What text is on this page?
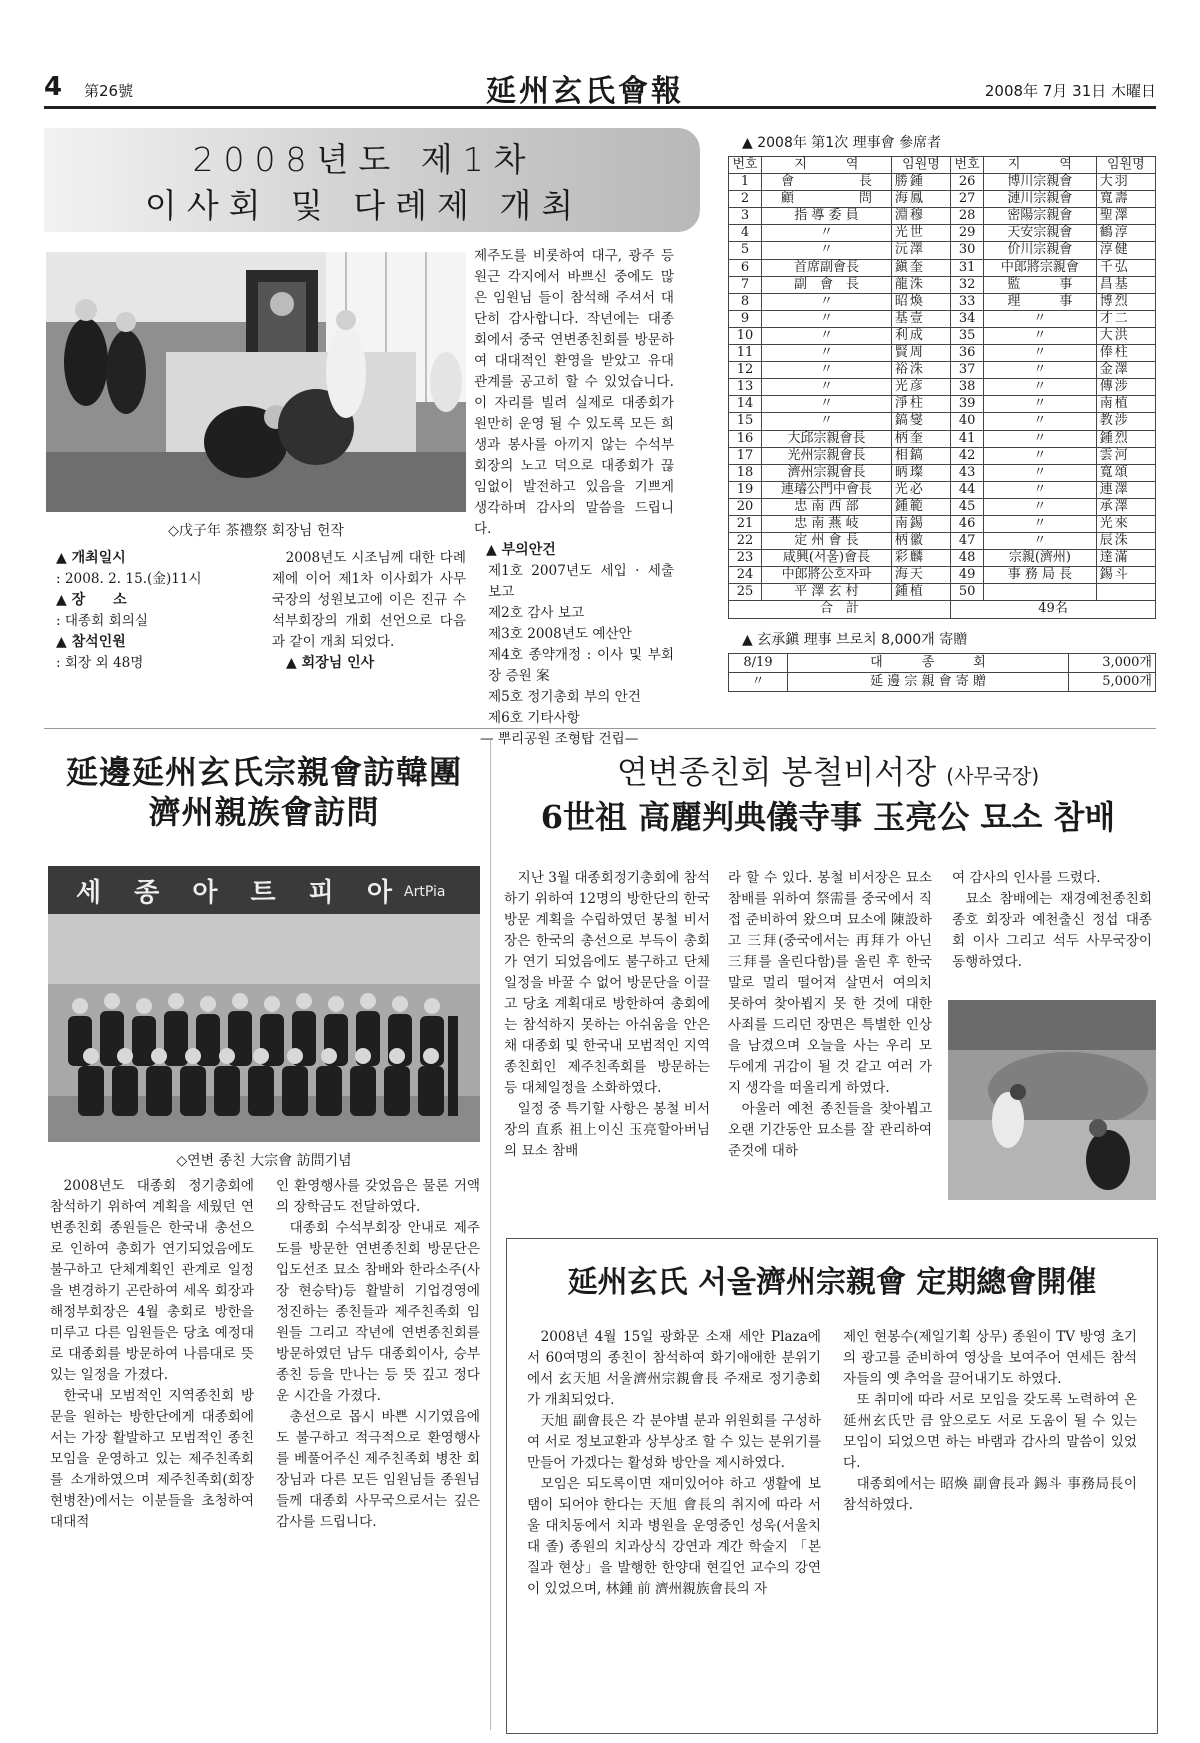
4 第26號	延州玄氏會報	2008年 7月 31日 木曜日
2008년도 제1차
이사회 및 다례제 개최
◇戊子年 茶禮祭 회장님 헌작
▲ 개최일시
: 2008. 2. 15.(金)11시
▲ 장　　소
: 대종회 회의실
▲ 참석인원
: 회장 외 48명

2008년도 시조님께 대한 다례제에 이어 제1차 이사회가 사무국장의 성원보고에 이은 진규 수석부회장의 개회 선언으로 다음과 같이 개최 되었다.

▲ 회장님 인사

제주도를 비롯하여 대구, 광주 등 원근 각지에서 바쁘신 중에도 많은 임원님 들이 참석해 주셔서 대단히 감사합니다. 작년에는 대종회에서 중국 연변종친회를 방문하여 대대적인 환영을 받았고 유대관계를 공고히 할 수 있었습니다. 이 자리를 빌려 실제로 대종회가 원만히 운영 될 수 있도록 모든 희생과 봉사를 아끼지 않는 수석부회장의 노고 덕으로 대종회가 끊임없이 발전하고 있음을 기쁘게 생각하며 감사의 말씀을 드립니다.

▲ 부의안건
제1호 2007년도 세입 · 세출 보고
제2호 감사 보고
제3호 2008년도 예산안
제4호 종약개정 : 이사 및 부회장 증원 案
제5호 정기총회 부의 안건
제6호 기타사항
— 뿌리공원 조형탑 건립—
▲ 2008年 第1次 理事會 參席者
번호	지　　　역	임원명	번호	지　　　역	임원명
1	會　　　　　長	勝鍾	26	博川宗親會	大羽
2	顧　　　　　問	海鳳	27	漣川宗親會	寬壽
3	指 導 委 員	淵穆	28	密陽宗親會	聖澤
4	〃	光世	29	天安宗親會	鶴淳
5	〃	沅澤	30	价川宗親會	淳健
6	首席副會長	鎭奎	31	中郎將宗親會	千弘
7	副　會　長	龍洙	32	監　　　事	昌基
8	〃	昭煥	33	理　　　事	博烈
9	〃	基壹	34	〃	才二
10	〃	利成	35	〃	大洪
11	〃	賢周	36	〃	俸柱
12	〃	裕洙	37	〃	金澤
13	〃	光彦	38	〃	傳涉
14	〃	淨柱	39	〃	南植
15	〃	鎬燮	40	〃	教涉
16	大邱宗親會長	柄奎	41	〃	鍾烈
17	光州宗親會長	相鎬	42	〃	雲河
18	濟州宗親會長	昞璨	43	〃	寬頌
19	連璿公門中會長	光必	44	〃	連澤
20	忠 南 西 部	鍾範	45	〃	承澤
21	忠 南 燕 岐	南錫	46	〃	光來
22	定 州 會 長	柄徽	47	〃	辰洙
23	咸興(서울)會長	彩麟	48	宗親(濟州)	達滿
24	中郎將公호자파	海天	49	事 務 局 長	錫斗
25	平 澤 玄 村	鍾植	50		
合　計			49名		
▲ 玄承鎭 理事 브로치 8,000개 寄贈
8/19	대　　　종　　　회	3,000개
〃	延 邊 宗 親 會 寄 贈	5,000개
延邊延州玄氏宗親會訪韓團
濟州親族會訪問
세 종 아 트 피 아 ArtPia
◇연변 종친 大宗會 訪問기념

2008년도 대종회 정기총회에 참석하기 위하여 계획을 세웠던 연변종친회 종원들은 한국내 총선으로 인하여 총회가 연기되었음에도 불구하고 단체계획인 관계로 일정을 변경하기 곤란하여 세옥 회장과 해정부회장은 4월 총회로 방한을 미루고 다른 임원들은 당초 예정대로 대종회를 방문하여 나름대로 뜻있는 일정을 가졌다.

한국내 모범적인 지역종친회 방문을 원하는 방한단에게 대종회에서는 가장 활발하고 모범적인 종친모임을 운영하고 있는 제주친족회를 소개하였으며 제주친족회(회장 현병찬)에서는 이분들을 초청하여 대대적

인 환영행사를 갖었음은 물론 거액의 장학금도 전달하였다.

대종회 수석부회장 안내로 제주도를 방문한 연변종친회 방문단은 입도선조 묘소 참배와 한라소주(사장 현승탁)등 활발히 기업경영에 정진하는 종친들과 제주친족회 임원들 그리고 작년에 연변종친회를 방문하였던 남두 대종회이사, 승부 종친 등을 만나는 등 뜻 깊고 정다운 시간을 가졌다.

총선으로 몹시 바쁜 시기였음에도 불구하고 적극적으로 환영행사를 베풀어주신 제주친족회 병찬 회장님과 다른 모든 임원님들 종원님들께 대종회 사무국으로서는 깊은 감사를 드립니다.

연변종친회 봉철비서장 (사무국장)
6世祖 高麗判典儀寺事 玉亮公 묘소 참배

지난 3월 대종회정기총회에 참석하기 위하여 12명의 방한단의 한국 방문 계획을 수립하였던 봉철 비서장은 한국의 총선으로 부득이 총회가 연기 되었음에도 불구하고 단체일정을 바꿀 수 없어 방문단을 이끌고 당초 계획대로 방한하여 총회에는 참석하지 못하는 아쉬움을 안은 채 대종회 및 한국내 모범적인 지역종친회인 제주친족회를 방문하는 등 대체일정을 소화하였다.

일정 중 특기할 사항은 봉철 비서장의 直系 祖上이신 玉亮할아버님의 묘소 참배

라 할 수 있다. 봉철 비서장은 묘소 참배를 위하여 祭需를 중국에서 직접 준비하여 왔으며 묘소에 陳設하고 三拜(중국에서는 再拜가 아닌 三拜를 올린다함)를 올린 후 한국말로 멀리 떨어져 살면서 여의치 못하여 찾아뵙지 못 한 것에 대한 사죄를 드리던 장면은 특별한 인상을 남겼으며 오늘을 사는 우리 모두에게 귀감이 될 것 같고 여러 가지 생각을 떠올리게 하였다.

아울러 예천 종친들을 찾아뵙고 오랜 기간동안 묘소를 잘 관리하여 준것에 대하

여 감사의 인사를 드렸다.

묘소 참배에는 재경예천종친회 종호 회장과 예천출신 정섭 대종회 이사 그리고 석두 사무국장이 동행하였다.

延州玄氏 서울濟州宗親會 定期總會開催

2008년 4월 15일 광화문 소재 세안 Plaza에서 60여명의 종친이 참석하여 화기애애한 분위기에서 玄天旭 서울濟州宗親會長 주재로 정기총회가 개최되었다.

天旭 副會長은 각 분야별 분과 위원회를 구성하여 서로 정보교환과 상부상조 할 수 있는 분위기를 만들어 가겠다는 활성화 방안을 제시하였다.

모임은 되도록이면 재미있어야 하고 생활에 보탬이 되어야 한다는 天旭 會長의 취지에 따라 서울 대치동에서 치과 병원을 운영중인 성욱(서울치대 졸) 종원의 치과상식 강연과 계간 학술지 「본질과 현상」을 발행한 한양대 현길언 교수의 강연이 있었으며, 林鍾 前 濟州親族會長의 자

제인 현봉수(제일기획 상무) 종원이 TV 방영 초기의 광고를 준비하여 영상을 보여주어 연세든 참석자들의 옛 추억을 끌어내기도 하였다.

또 취미에 따라 서로 모임을 갖도록 노력하여 온 延州玄氏만 큼 앞으로도 서로 도움이 될 수 있는 모임이 되었으면 하는 바램과 감사의 말씀이 있었다.

대종회에서는 昭煥 副會長과 錫斗 事務局長이 참석하였다.
